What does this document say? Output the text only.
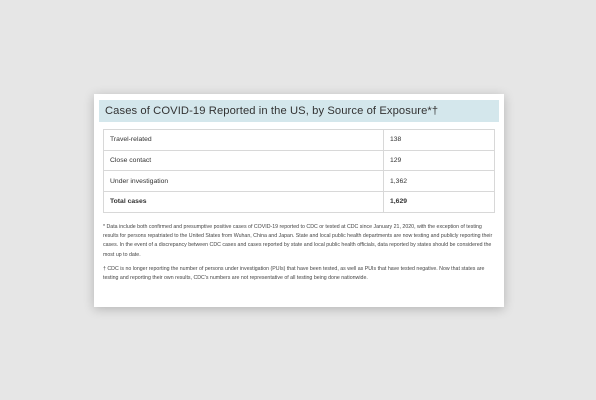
Cases of COVID-19 Reported in the US, by Source of Exposure*†
Travel-related	138
Close contact	129
Under investigation	1,362
Total cases	1,629

* Data include both confirmed and presumptive positive cases of COVID-19 reported to CDC or tested at CDC since January 21, 2020, with the exception of testing results for persons repatriated to the United States from Wuhan, China and Japan. State and local public health departments are now testing and publicly reporting their cases. In the event of a discrepancy between CDC cases and cases reported by state and local public health officials, data reported by states should be considered the most up to date.

† CDC is no longer reporting the number of persons under investigation (PUIs) that have been tested, as well as PUIs that have tested negative. Now that states are testing and reporting their own results, CDC's numbers are not representative of all testing being done nationwide.
